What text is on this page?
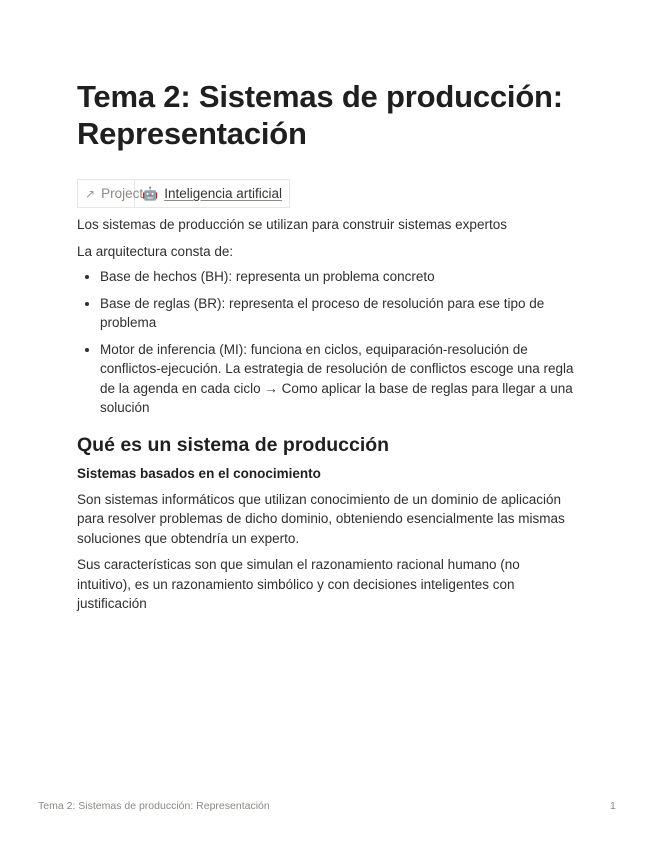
Tema 2: Sistemas de producción:
Representación
↗ Project
🤖 Inteligencia artificial

Los sistemas de producción se utilizan para construir sistemas expertos

La arquitectura consta de:

• Base de hechos (BH): representa un problema concreto
• Base de reglas (BR): representa el proceso de resolución para ese tipo de problema
• Motor de inferencia (MI): funciona en ciclos, equiparación-resolución de conflictos-ejecución. La estrategia de resolución de conflictos escoge una regla de la agenda en cada ciclo → Como aplicar la base de reglas para llegar a una solución
Qué es un sistema de producción
Sistemas basados en el conocimiento

Son sistemas informáticos que utilizan conocimiento de un dominio de aplicación para resolver problemas de dicho dominio, obteniendo esencialmente las mismas soluciones que obtendría un experto.

Sus características son que simulan el razonamiento racional humano (no intuitivo), es un razonamiento simbólico y con decisiones inteligentes con justificación

Tema 2: Sistemas de producción: Representación	1
